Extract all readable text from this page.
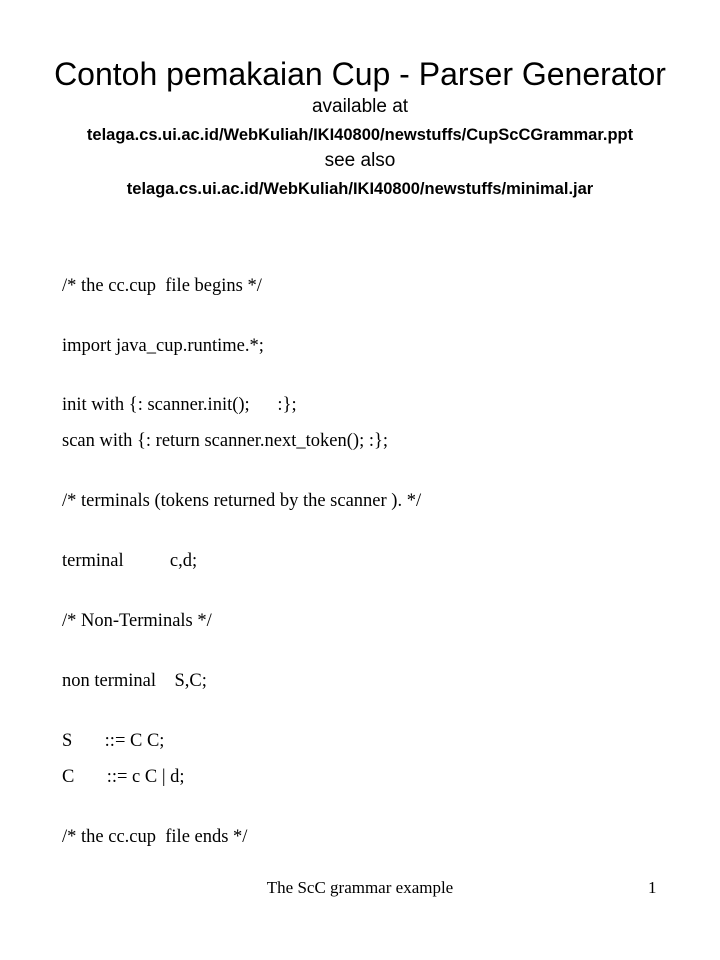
Contoh pemakaian Cup - Parser Generator
available at
telaga.cs.ui.ac.id/WebKuliah/IKI40800/newstuffs/CupScCGrammar.ppt
see also
telaga.cs.ui.ac.id/WebKuliah/IKI40800/newstuffs/minimal.jar
/* the cc.cup  file begins */
import java_cup.runtime.*;
init with {: scanner.init();      :};
scan with {: return scanner.next_token(); :};
/* terminals (tokens returned by the scanner ). */
terminal          c,d;
/* Non-Terminals */
non terminal    S,C;
S       ::= C C;
C       ::= c C | d;
/* the cc.cup  file ends */
The ScC grammar example	1
